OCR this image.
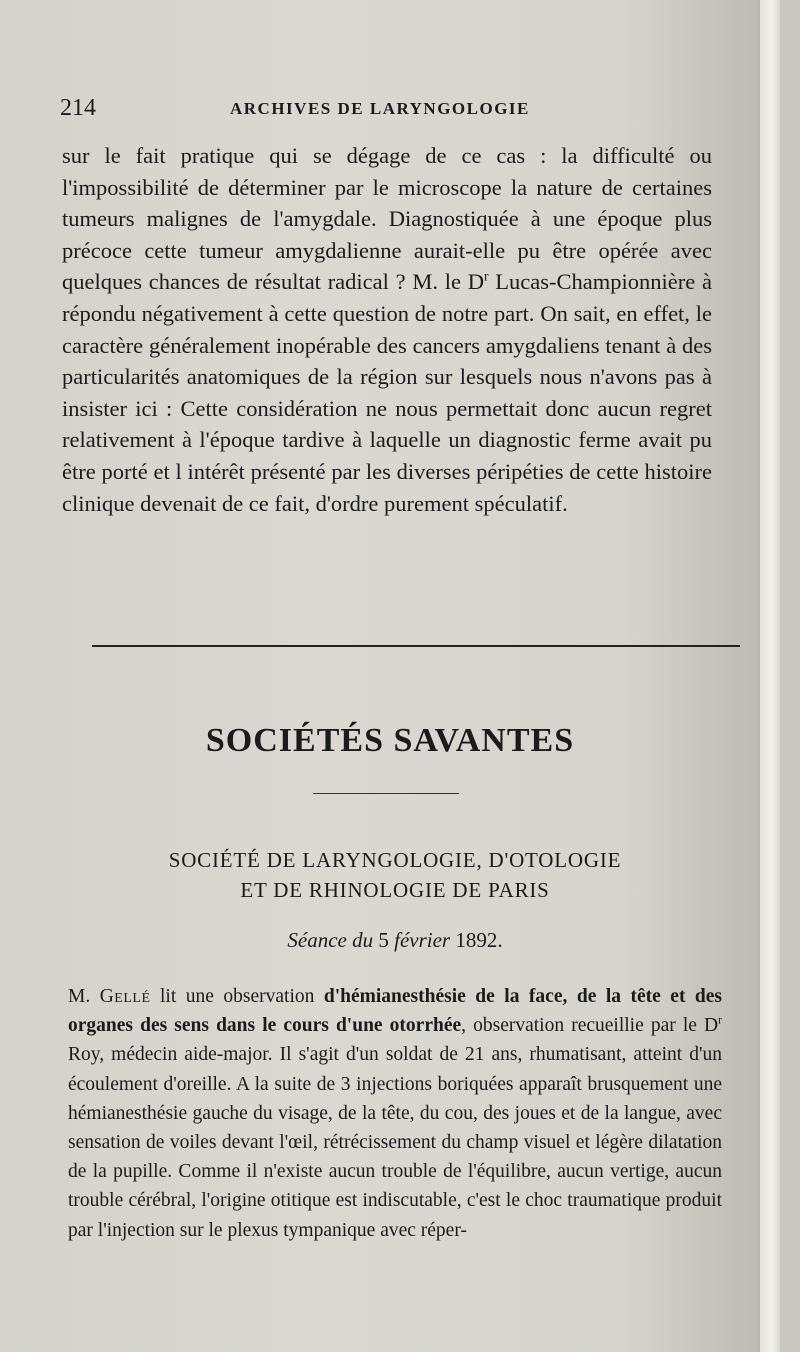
214	ARCHIVES DE LARYNGOLOGIE

sur le fait pratique qui se dégage de ce cas : la difficulté ou l'impossibilité de déterminer par le microscope la nature de certaines tumeurs malignes de l'amygdale. Diagnostiquée à une époque plus précoce cette tumeur amygdalienne aurait-elle pu être opérée avec quelques chances de résultat radical ? M. le $D^r$ Lucas-Championnière à répondu négativement à cette question de notre part. On sait, en effet, le caractère généralement inopérable des cancers amygdaliens tenant à des particularités anatomiques de la région sur lesquels nous n'avons pas à insister ici : Cette considération ne nous permettait donc aucun regret relativement à l'époque tardive à laquelle un diagnostic ferme avait pu être porté et l intérêt présenté par les diverses péripéties de cette histoire clinique devenait de ce fait, d'ordre purement spéculatif.

SOCIÉTÉS SAVANTES
SOCIÉTÉ DE LARYNGOLOGIE, D'OTOLOGIE
ET DE RHINOLOGIE DE PARIS
Séance du 5 février 1892.

M. Gellé lit une observation d'hémianesthésie de la face, de la tête et des organes des sens dans le cours d'une otorrhée, observation recueillie par le $D^r$ Roy, médecin aide-major. Il s'agit d'un soldat de 21 ans, rhumatisant, atteint d'un écoulement d'oreille. A la suite de 3 injections boriquées apparaît brusquement une hémianesthésie gauche du visage, de la tête, du cou, des joues et de la langue, avec sensation de voiles devant l'œil, rétrécissement du champ visuel et légère dilatation de la pupille. Comme il n'existe aucun trouble de l'équilibre, aucun vertige, aucun trouble cérébral, l'origine otitique est indiscutable, c'est le choc traumatique produit par l'injection sur le plexus tympanique avec réper-
